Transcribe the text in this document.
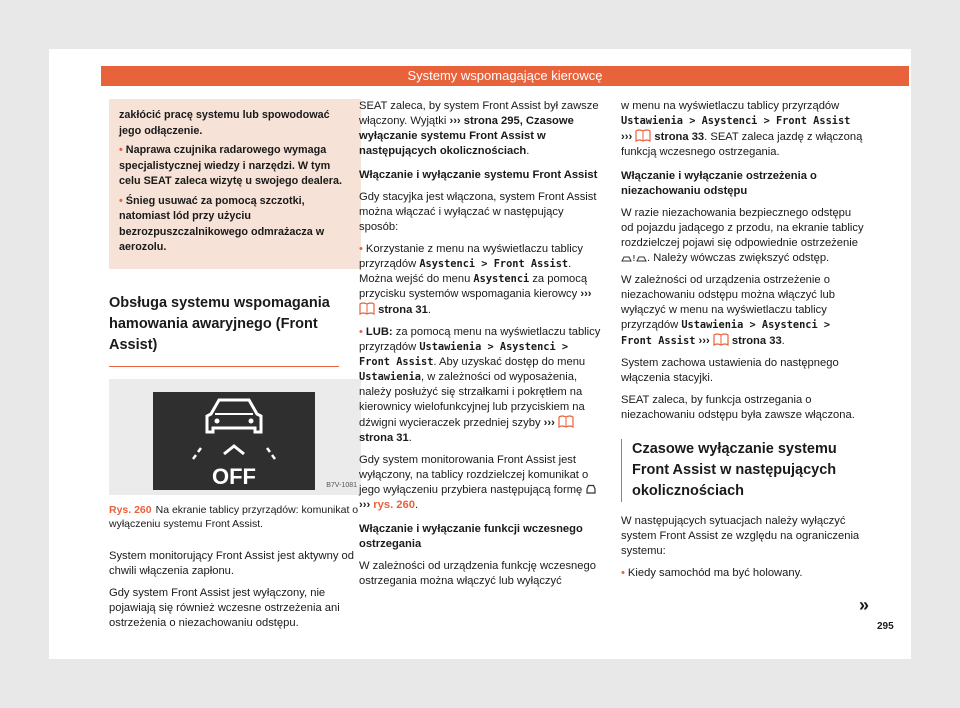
Systemy wspomagające kierowcę

zakłócić pracę systemu lub spowodować jego odłączenie.

• Naprawa czujnika radarowego wymaga specjalistycznej wiedzy i narzędzi. W tym celu SEAT zaleca wizytę u swojego dealera.

• Śnieg usuwać za pomocą szczotki, natomiast lód przy użyciu bezrozpuszczalnikowego odmrażacza w aerozolu.

Obsługa systemu wspomagania hamowania awaryjnego (Front Assist)
OFF	B7V-1081
Rys. 260 Na ekranie tablicy przyrządów: komunikat o wyłączeniu systemu Front Assist.

System monitorujący Front Assist jest aktywny od chwili włączenia zapłonu.

Gdy system Front Assist jest wyłączony, nie pojawiają się również wczesne ostrzeżenia ani ostrzeżenia o niezachowaniu odstępu.

SEAT zaleca, by system Front Assist był zawsze włączony. Wyjątki ››› strona 295, Czasowe wyłączanie systemu Front Assist w następujących okolicznościach.

Włączanie i wyłączanie systemu Front Assist

Gdy stacyjka jest włączona, system Front Assist można włączać i wyłączać w następujący sposób:

• Korzystanie z menu na wyświetlaczu tablicy przyrządów Asystenci > Front Assist. Można wejść do menu Asystenci za pomocą przycisku systemów wspomagania kierowcy ›››  strona 31.

• LUB: za pomocą menu na wyświetlaczu tablicy przyrządów Ustawienia > Asystenci > Front Assist. Aby uzyskać dostęp do menu Ustawienia, w zależności od wyposażenia, należy posłużyć się strzałkami i pokrętłem na kierownicy wielofunkcyjnej lub przyciskiem na dźwigni wycieraczek przedniej szyby ›››  strona 31.

Gdy system monitorowania Front Assist jest wyłączony, na tablicy rozdzielczej komunikat o jego wyłączeniu przybiera następującą formę  ››› rys. 260.

Włączanie i wyłączanie funkcji wczesnego ostrzegania

W zależności od urządzenia funkcję wczesnego ostrzegania można włączyć lub wyłączyć

w menu na wyświetlaczu tablicy przyrządów Ustawienia > Asystenci > Front Assist ››› strona 33. SEAT zaleca jazdę z włączoną funkcją wczesnego ostrzegania.

Włączanie i wyłączanie ostrzeżenia o niezachowaniu odstępu

W razie niezachowania bezpiecznego odstępu od pojazdu jadącego z przodu, na ekranie tablicy rozdzielczej pojawi się odpowiednie ostrzeżenie
! . Należy wówczas zwiększyć odstęp.

W zależności od urządzenia ostrzeżenie o niezachowaniu odstępu można włączyć lub wyłączyć w menu na wyświetlaczu tablicy przyrządów Ustawienia > Asystenci > Front Assist ››› strona 33.

System zachowa ustawienia do następnego włączenia stacyjki.

SEAT zaleca, by funkcja ostrzegania o niezachowaniu odstępu była zawsze włączona.

Czasowe wyłączanie systemu Front Assist w następujących okolicznościach

W następujących sytuacjach należy wyłączyć system Front Assist ze względu na ograniczenia systemu:

• Kiedy samochód ma być holowany.

»
295
